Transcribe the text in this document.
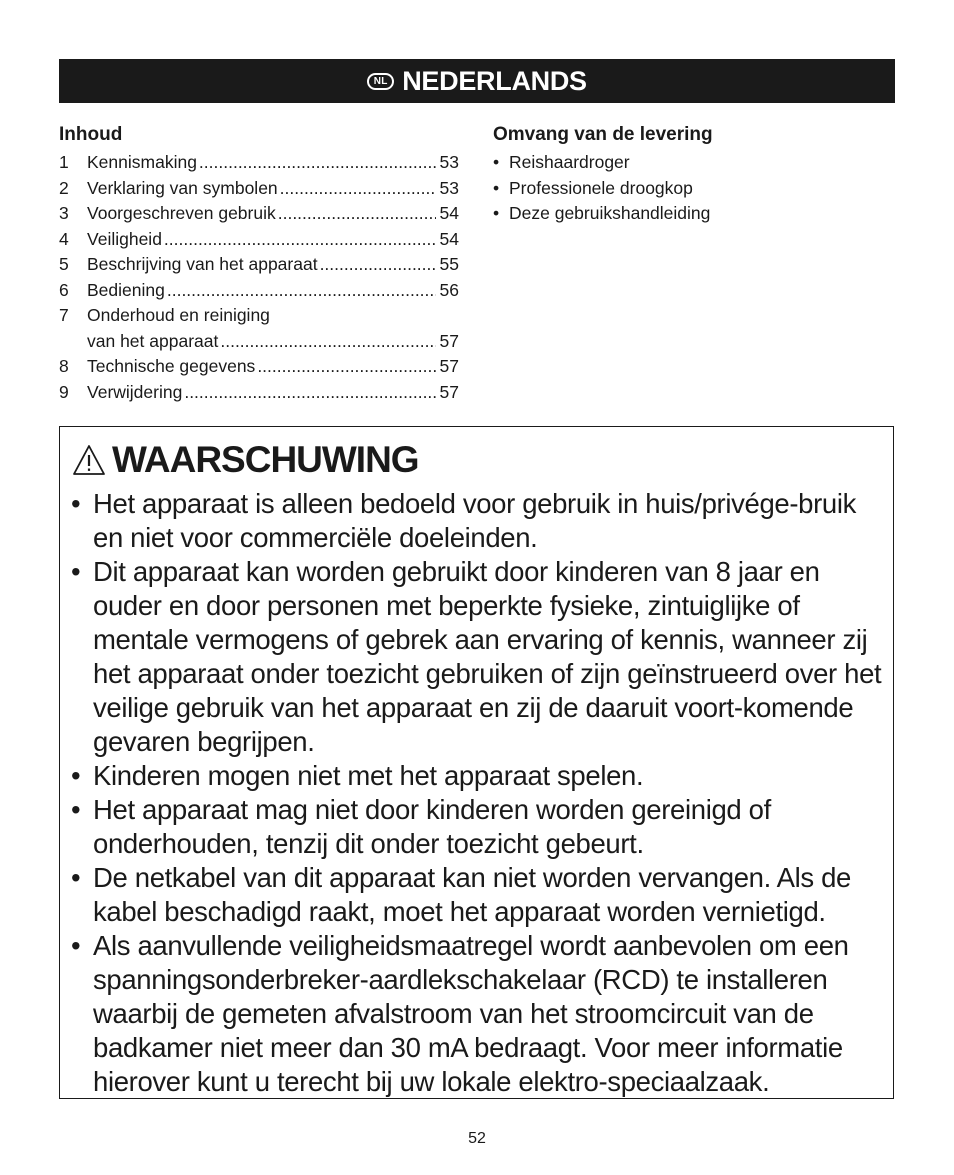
NL NEDERLANDS
Inhoud
1	Kennismaking .....	53
2	Verklaring van symbolen .....	53
3	Voorgeschreven gebruik .....	54
4	Veiligheid .....	54
5	Beschrijving van het apparaat .....	55
6	Bediening .....	56
7	Onderhoud en reiniging
van het apparaat .....	57
8	Technische gegevens .....	57
9	Verwijdering .....	57
Omvang van de levering
• Reishaardroger
• Professionele droogkop
• Deze gebruikshandleiding
WAARSCHUWING
• Het apparaat is alleen bedoeld voor gebruik in huis/privége-bruik en niet voor commerciële doeleinden.
• Dit apparaat kan worden gebruikt door kinderen van 8 jaar en ouder en door personen met beperkte fysieke, zintuiglijke of mentale vermogens of gebrek aan ervaring of kennis, wanneer zij het apparaat onder toezicht gebruiken of zijn geïnstrueerd over het veilige gebruik van het apparaat en zij de daaruit voort-komende gevaren begrijpen.
• Kinderen mogen niet met het apparaat spelen.
• Het apparaat mag niet door kinderen worden gereinigd of onderhouden, tenzij dit onder toezicht gebeurt.
• De netkabel van dit apparaat kan niet worden vervangen. Als de kabel beschadigd raakt, moet het apparaat worden vernietigd.
• Als aanvullende veiligheidsmaatregel wordt aanbevolen om een spanningsonderbreker-aardlekschakelaar (RCD) te installeren waarbij de gemeten afvalstroom van het stroomcircuit van de badkamer niet meer dan 30 mA bedraagt. Voor meer informatie hierover kunt u terecht bij uw lokale elektro-speciaalzaak.
52
